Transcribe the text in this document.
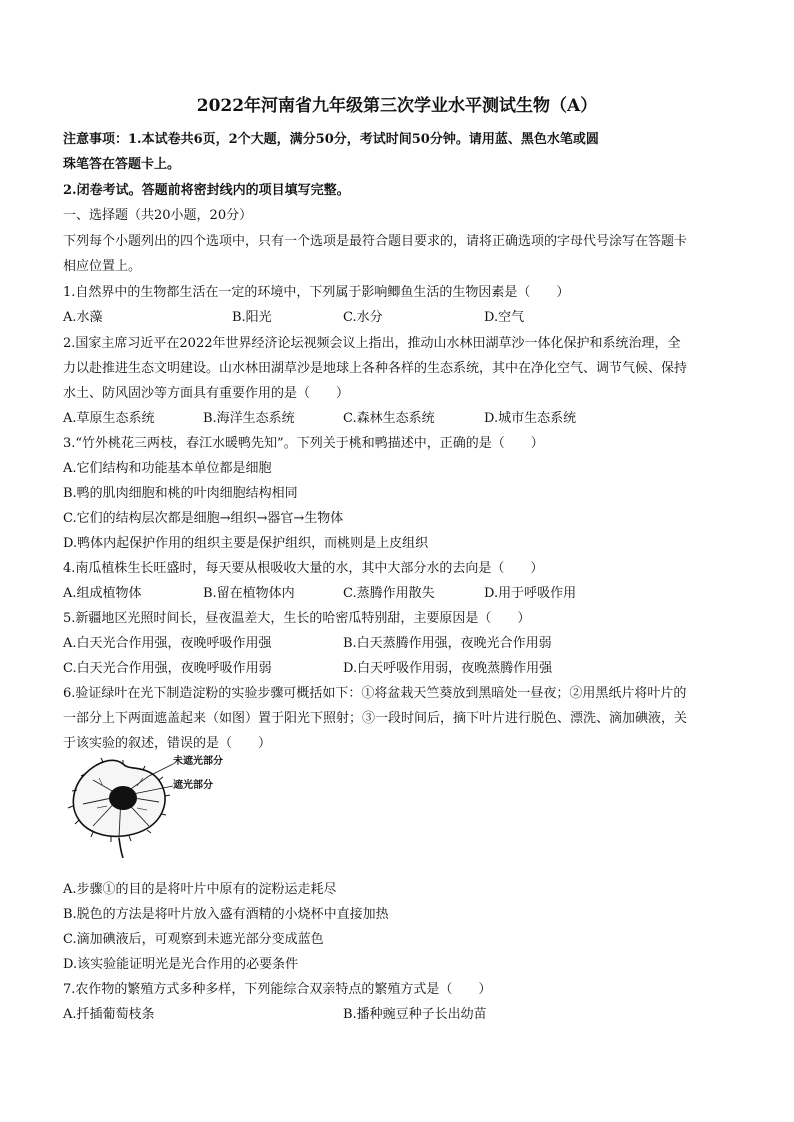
2022年河南省九年级第三次学业水平测试生物（A）
注意事项：1.本试卷共6页，2个大题，满分50分，考试时间50分钟。请用蓝、黑色水笔或圆
珠笔答在答题卡上。
2.闭卷考试。答题前将密封线内的项目填写完整。
一、选择题（共20小题，20分）
下列每个小题列出的四个选项中，只有一个选项是最符合题目要求的，请将正确选项的字母代号涂写在答题卡
相应位置上。
1.自然界中的生物都生活在一定的环境中，下列属于影响鲫鱼生活的生物因素是（　　）
A.水藻	B.阳光	C.水分	D.空气
2.国家主席习近平在2022年世界经济论坛视频会议上指出，推动山水林田湖草沙一体化保护和系统治理，全
力以赴推进生态文明建设。山水林田湖草沙是地球上各种各样的生态系统，其中在净化空气、调节气候、保持
水土、防风固沙等方面具有重要作用的是（　　）
A.草原生态系统	B.海洋生态系统	C.森林生态系统	D.城市生态系统
3.“竹外桃花三两枝，春江水暖鸭先知”。下列关于桃和鸭描述中，正确的是（　　）
A.它们结构和功能基本单位都是细胞
B.鸭的肌肉细胞和桃的叶肉细胞结构相同
C.它们的结构层次都是细胞→组织→器官→生物体
D.鸭体内起保护作用的组织主要是保护组织，而桃则是上皮组织
4.南瓜植株生长旺盛时，每天要从根吸收大量的水，其中大部分水的去向是（　　）
A.组成植物体	B.留在植物体内	C.蒸腾作用散失	D.用于呼吸作用
5.新疆地区光照时间长，昼夜温差大，生长的哈密瓜特别甜，主要原因是（　　）
A.白天光合作用强，夜晚呼吸作用强	B.白天蒸腾作用强，夜晚光合作用弱
C.白天光合作用强，夜晚呼吸作用弱	D.白天呼吸作用弱，夜晚蒸腾作用强
6.验证绿叶在光下制造淀粉的实验步骤可概括如下：①将盆栽天竺葵放到黑暗处一昼夜；②用黑纸片将叶片的
一部分上下两面遮盖起来（如图）置于阳光下照射；③一段时间后，摘下叶片进行脱色、漂洗、滴加碘液，关
于该实验的叙述，错误的是（　　）
未遮光部分
遮光部分
A.步骤①的目的是将叶片中原有的淀粉运走耗尽
B.脱色的方法是将叶片放入盛有酒精的小烧杯中直接加热
C.滴加碘液后，可观察到未遮光部分变成蓝色
D.该实验能证明光是光合作用的必要条件
7.农作物的繁殖方式多种多样，下列能综合双亲特点的繁殖方式是（　　）
A.扦插葡萄枝条	B.播种豌豆种子长出幼苗
